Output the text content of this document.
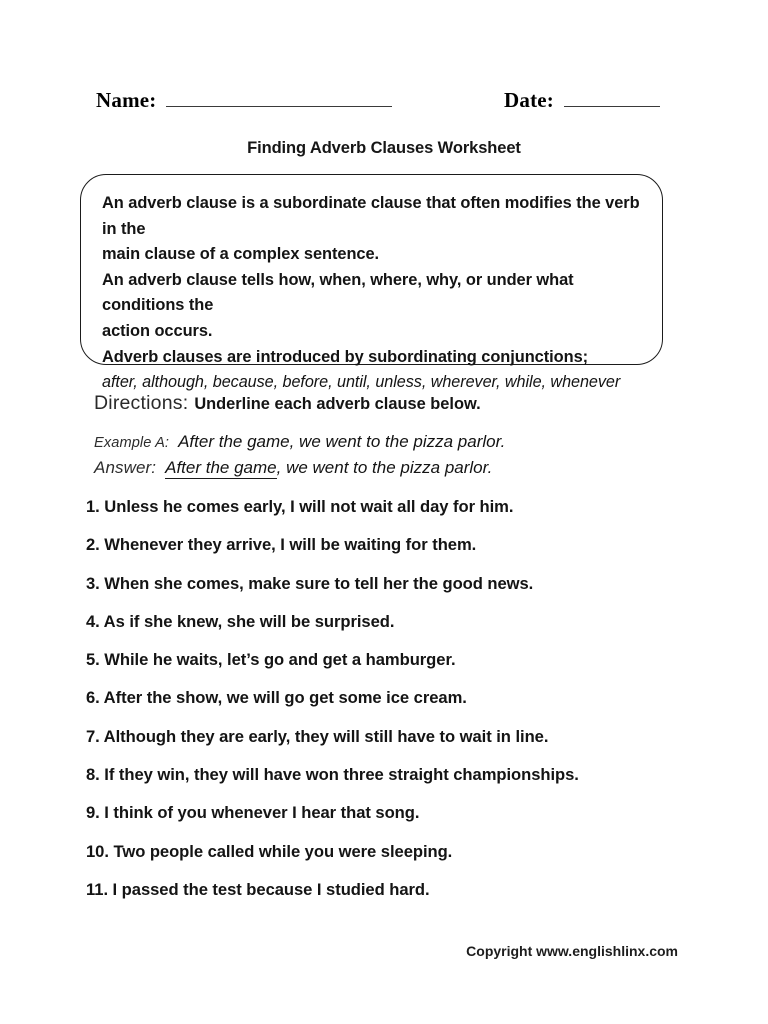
Name:	Date:
Finding Adverb Clauses Worksheet
An adverb clause is a subordinate clause that often modifies the verb in the
main clause of a complex sentence.
An adverb clause tells how, when, where, why, or under what conditions the
action occurs.
Adverb clauses are introduced by subordinating conjunctions;
after, although, because, before, until, unless, wherever, while, whenever
Directions: Underline each adverb clause below.
Example A: After the game, we went to the pizza parlor.
Answer: After the game, we went to the pizza parlor.
1. Unless he comes early, I will not wait all day for him.
2. Whenever they arrive, I will be waiting for them.
3. When she comes, make sure to tell her the good news.
4. As if she knew, she will be surprised.
5. While he waits, let’s go and get a hamburger.
6. After the show, we will go get some ice cream.
7. Although they are early, they will still have to wait in line.
8. If they win, they will have won three straight championships.
9. I think of you whenever I hear that song.
10. Two people called while you were sleeping.
11. I passed the test because I studied hard.
Copyright www.englishlinx.com
